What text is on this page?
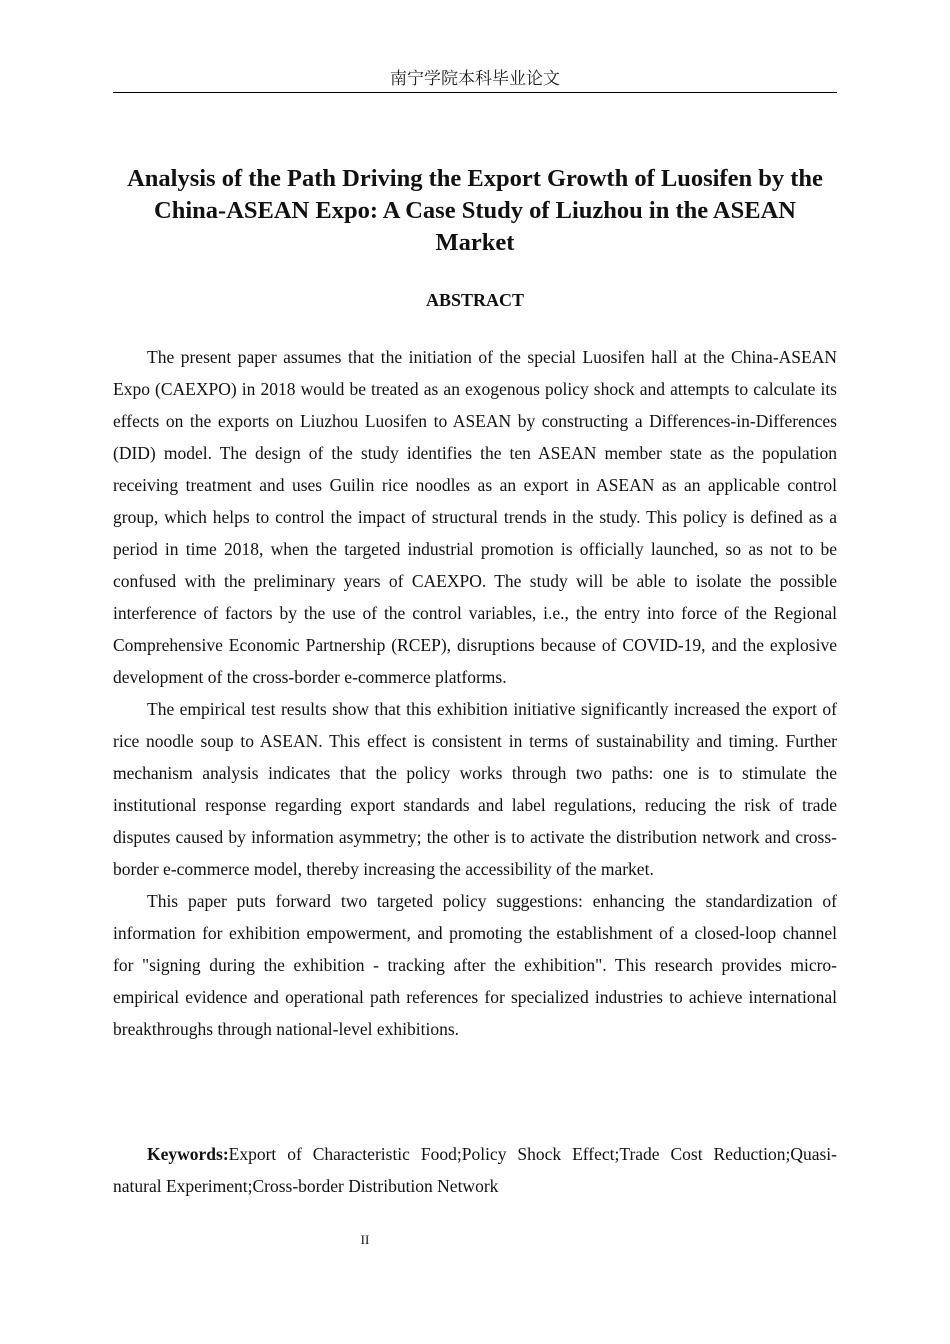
南宁学院本科毕业论文
Analysis of the Path Driving the Export Growth of Luosifen by the China-ASEAN Expo: A Case Study of Liuzhou in the ASEAN Market
ABSTRACT

The present paper assumes that the initiation of the special Luosifen hall at the China-ASEAN Expo (CAEXPO) in 2018 would be treated as an exogenous policy shock and attempts to calculate its effects on the exports on Liuzhou Luosifen to ASEAN by constructing a Differences-in-Differences (DID) model. The design of the study identifies the ten ASEAN member state as the population receiving treatment and uses Guilin rice noodles as an export in ASEAN as an applicable control group, which helps to control the impact of structural trends in the study. This policy is defined as a period in time 2018, when the targeted industrial promotion is officially launched, so as not to be confused with the preliminary years of CAEXPO. The study will be able to isolate the possible interference of factors by the use of the control variables, i.e., the entry into force of the Regional Comprehensive Economic Partnership (RCEP), disruptions because of COVID-19, and the explosive development of the cross-border e-commerce platforms.

The empirical test results show that this exhibition initiative significantly increased the export of rice noodle soup to ASEAN. This effect is consistent in terms of sustainability and timing. Further mechanism analysis indicates that the policy works through two paths: one is to stimulate the institutional response regarding export standards and label regulations, reducing the risk of trade disputes caused by information asymmetry; the other is to activate the distribution network and cross-border e-commerce model, thereby increasing the accessibility of the market.

This paper puts forward two targeted policy suggestions: enhancing the standardization of information for exhibition empowerment, and promoting the establishment of a closed-loop channel for "signing during the exhibition - tracking after the exhibition". This research provides micro-empirical evidence and operational path references for specialized industries to achieve international breakthroughs through national-level exhibitions.

Keywords:Export of Characteristic Food;Policy Shock Effect;Trade Cost Reduction;Quasi-natural Experiment;Cross-border Distribution Network

II
